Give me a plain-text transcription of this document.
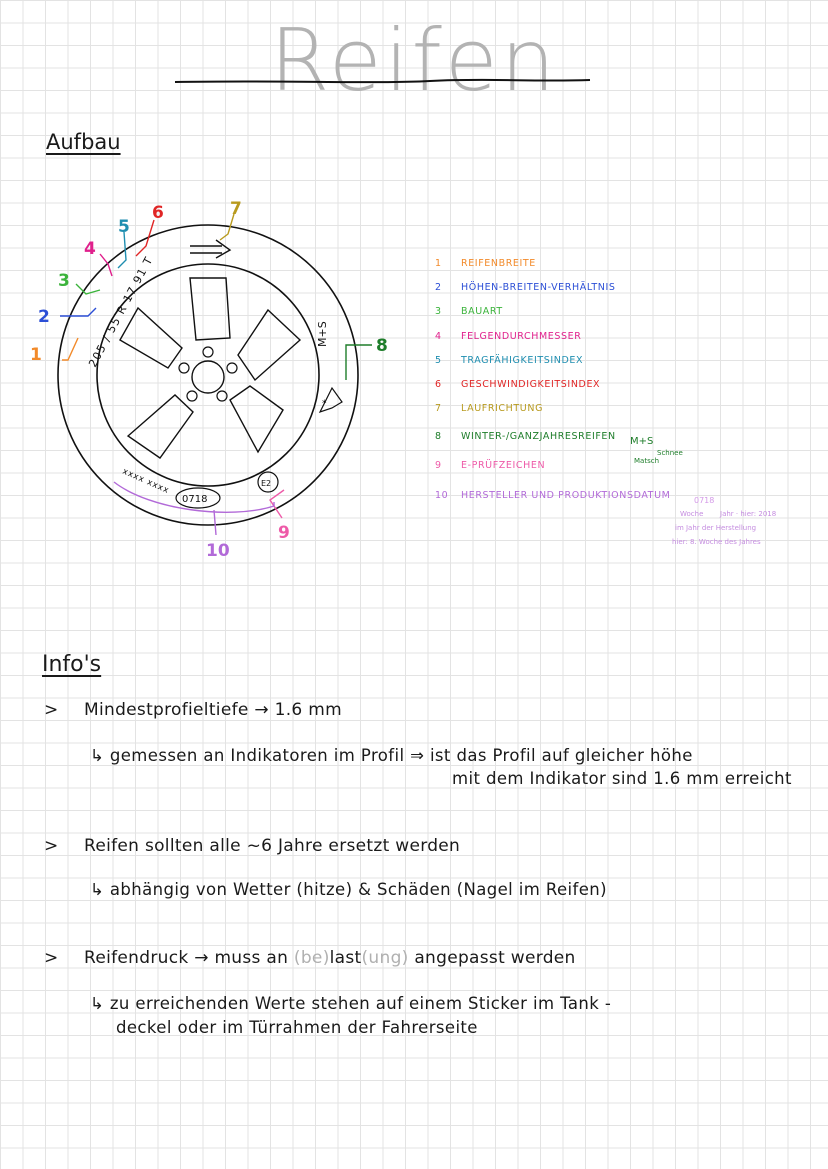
Reifen
Aufbau
205 / 55 R 17 91 T	M+S
*
xxxx xxxx
0718
E2
1
2
3
4
5
6	7
8
9
10
1	REIFENBREITE
2	HÖHEN-BREITEN-VERHÄLTNIS
3	BAUART
4	FELGENDURCHMESSER
5	TRAGFÄHIGKEITSINDEX
6	GESCHWINDIGKEITSINDEX
7	LAUFRICHTUNG
8	WINTER-/GANZJAHRESREIFEN
9	E-PRÜFZEICHEN
10 HERSTELLER UND PRODUKTIONSDATUM
M+S
Matsch
Schnee
0718
Woche Jahr · hier: 2018
im Jahr der Herstellung
hier: 8. Woche des Jahres
Info's
> Mindestprofieltiefe → 1.6 mm
↳ gemessen an Indikatoren im Profil ⇒ ist das Profil auf gleicher höhe
mit dem Indikator sind 1.6 mm erreicht
> Reifen sollten alle ~6 Jahre ersetzt werden
↳ abhängig von Wetter (hitze) & Schäden (Nagel im Reifen)
> Reifendruck → muss an (be)last(ung) angepasst werden
↳ zu erreichenden Werte stehen auf einem Sticker im Tank -
deckel oder im Türrahmen der Fahrerseite
